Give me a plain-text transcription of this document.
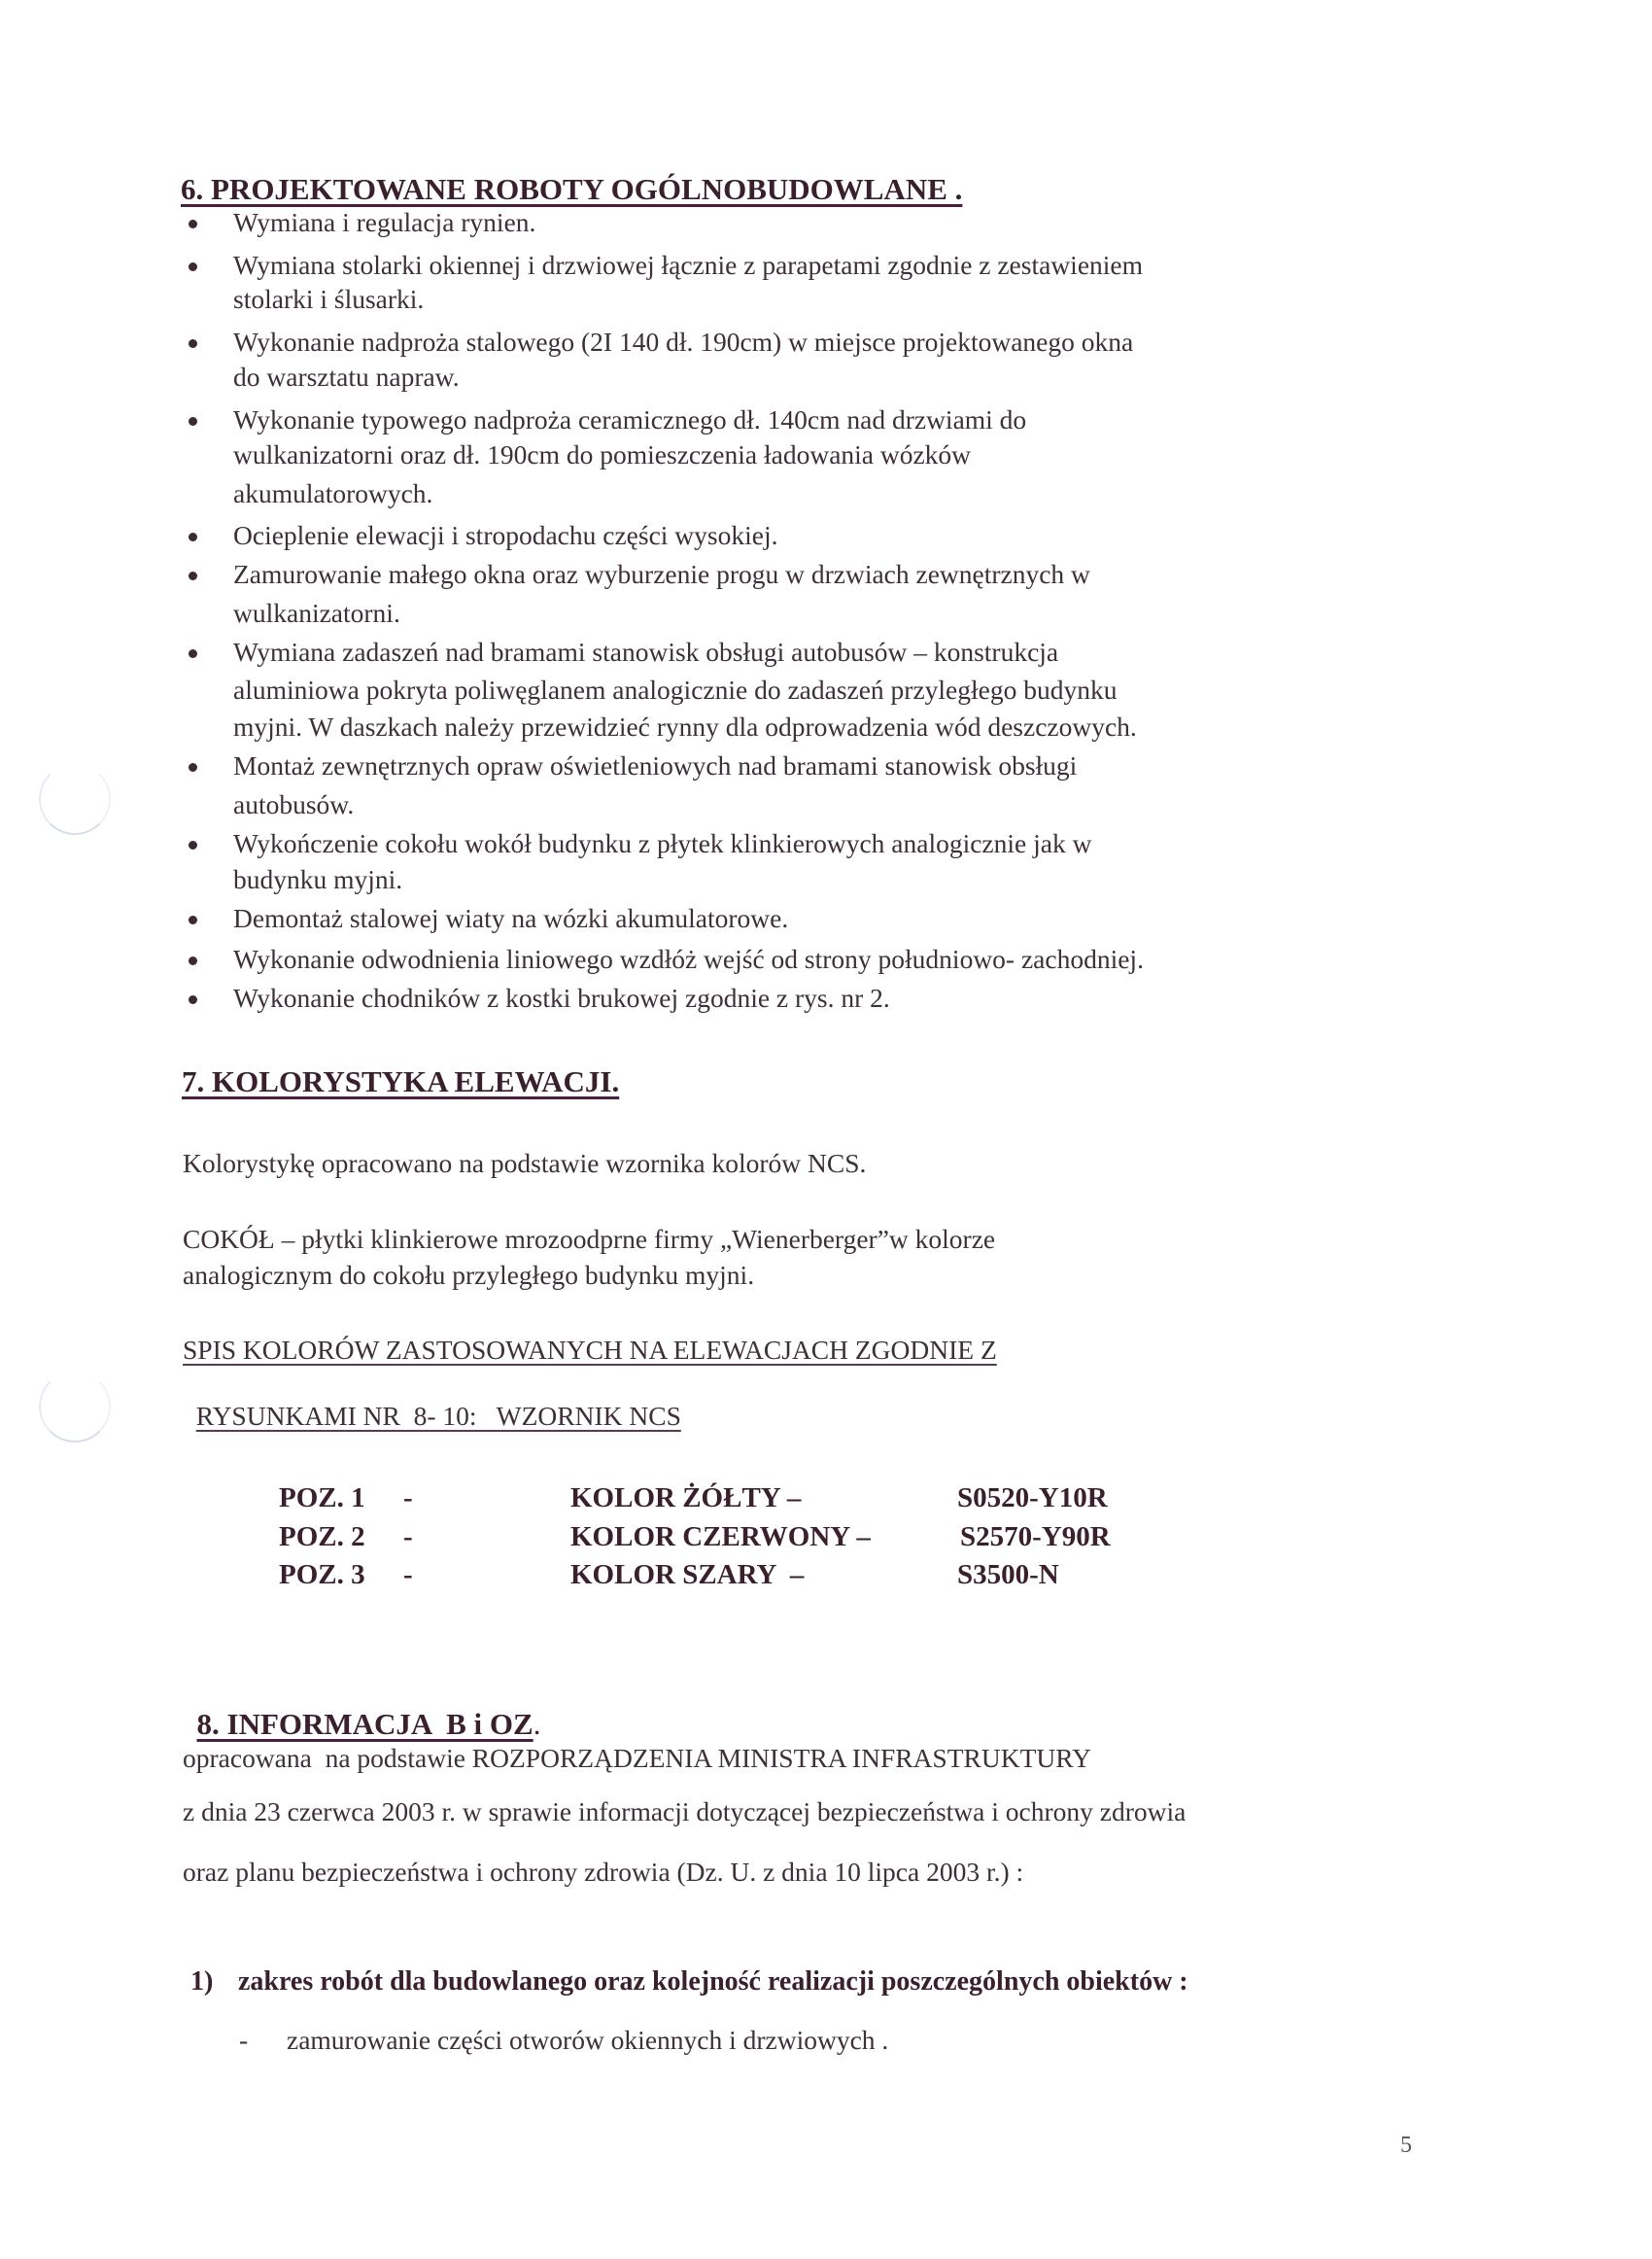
6. PROJEKTOWANE ROBOTY OGÓLNOBUDOWLANE .
Wymiana i regulacja rynien.
Wymiana stolarki okiennej i drzwiowej łącznie z parapetami zgodnie z zestawieniem
stolarki i ślusarki.
Wykonanie nadproża stalowego (2I 140 dł. 190cm) w miejsce projektowanego okna
do warsztatu napraw.
Wykonanie typowego nadproża ceramicznego dł. 140cm nad drzwiami do
wulkanizatorni oraz dł. 190cm do pomieszczenia ładowania wózków
akumulatorowych.
Ocieplenie elewacji i stropodachu części wysokiej.
Zamurowanie małego okna oraz wyburzenie progu w drzwiach zewnętrznych w
wulkanizatorni.
Wymiana zadaszeń nad bramami stanowisk obsługi autobusów – konstrukcja
aluminiowa pokryta poliwęglanem analogicznie do zadaszeń przyległego budynku
myjni. W daszkach należy przewidzieć rynny dla odprowadzenia wód deszczowych.
Montaż zewnętrznych opraw oświetleniowych nad bramami stanowisk obsługi
autobusów.
Wykończenie cokołu wokół budynku z płytek klinkierowych analogicznie jak w
budynku myjni.
Demontaż stalowej wiaty na wózki akumulatorowe.
Wykonanie odwodnienia liniowego wzdłóż wejść od strony południowo- zachodniej.
Wykonanie chodników z kostki brukowej zgodnie z rys. nr 2.
7. KOLORYSTYKA ELEWACJI.
Kolorystykę opracowano na podstawie wzornika kolorów NCS.
COKÓŁ – płytki klinkierowe mrozoodprne firmy „Wienerberger”w kolorze
analogicznym do cokołu przyległego budynku myjni.
SPIS KOLORÓW ZASTOSOWANYCH NA ELEWACJACH ZGODNIE Z

RYSUNKAMI NR  8- 10:   WZORNIK NCS

POZ. 1 -	KOLOR ŻÓŁTY –	S0520-Y10R
POZ. 2 -	KOLOR CZERWONY –	S2570-Y90R
POZ. 3 -	KOLOR SZARY  –	S3500-N

8. INFORMACJA  B i OZ.

opracowana  na podstawie ROZPORZĄDZENIA MINISTRA INFRASTRUKTURY
z dnia 23 czerwca 2003 r. w sprawie informacji dotyczącej bezpieczeństwa i ochrony zdrowia
oraz planu bezpieczeństwa i ochrony zdrowia (Dz. U. z dnia 10 lipca 2003 r.) :
1) zakres robót dla budowlanego oraz kolejność realizacji poszczególnych obiektów :
- zamurowanie części otworów okiennych i drzwiowych .
5
